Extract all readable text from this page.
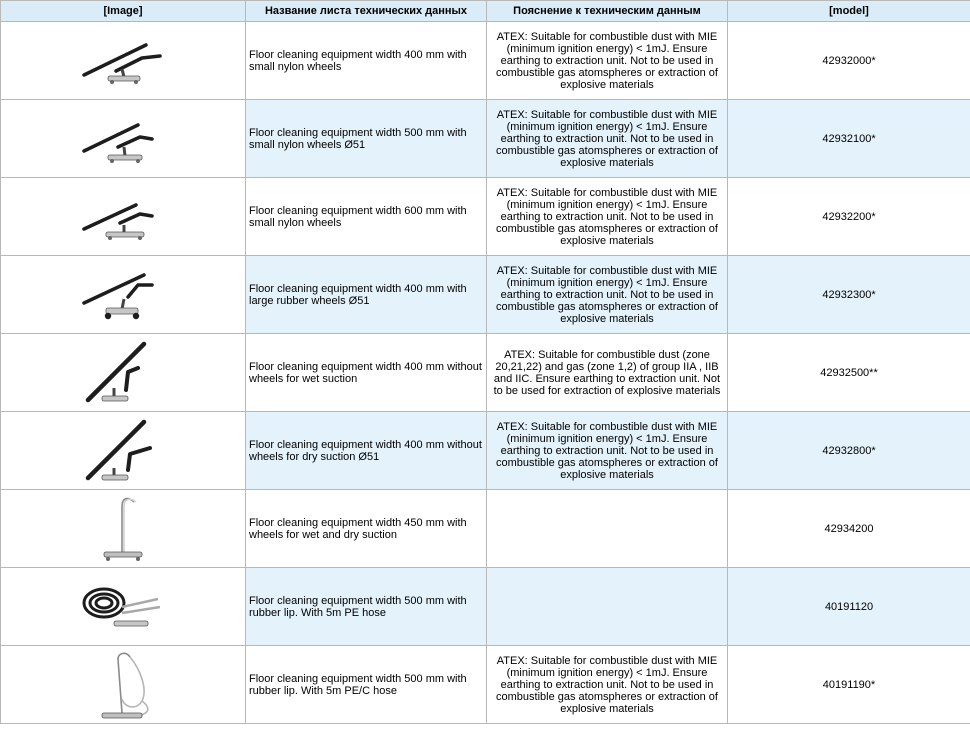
[Image]	Название листа технических данных	Пояснение к техническим данным	[model]

	Floor cleaning equipment width 400 mm with small nylon wheels	ATEX: Suitable for combustible dust with MIE (minimum ignition energy) < 1mJ. Ensure earthing to extraction unit. Not to be used in combustible gas atomspheres or extraction of explosive materials	42932000*

	Floor cleaning equipment width 500 mm with small nylon wheels Ø51	ATEX: Suitable for combustible dust with MIE (minimum ignition energy) < 1mJ. Ensure earthing to extraction unit. Not to be used in combustible gas atomspheres or extraction of explosive materials	42932100*

	Floor cleaning equipment width 600 mm with small nylon wheels	ATEX: Suitable for combustible dust with MIE (minimum ignition energy) < 1mJ. Ensure earthing to extraction unit. Not to be used in combustible gas atomspheres or extraction of explosive materials	42932200*

	Floor cleaning equipment width 400 mm with large rubber wheels Ø51	ATEX: Suitable for combustible dust with MIE (minimum ignition energy) < 1mJ. Ensure earthing to extraction unit. Not to be used in combustible gas atomspheres or extraction of explosive materials	42932300*

	Floor cleaning equipment width 400 mm without wheels for wet suction	ATEX: Suitable for combustible dust (zone 20,21,22) and gas (zone 1,2) of group IIA , IIB and IIC. Ensure earthing to extraction unit. Not to be used for extraction of explosive materials	42932500**

	Floor cleaning equipment width 400 mm without wheels for dry suction Ø51	ATEX: Suitable for combustible dust with MIE (minimum ignition energy) < 1mJ. Ensure earthing to extraction unit. Not to be used in combustible gas atomspheres or extraction of explosive materials	42932800*

	Floor cleaning equipment width 450 mm with wheels for wet and dry suction		42934200

	Floor cleaning equipment width 500 mm with rubber lip. With 5m PE hose		40191120

	Floor cleaning equipment width 500 mm with rubber lip. With 5m PE/C hose	ATEX: Suitable for combustible dust with MIE (minimum ignition energy) < 1mJ. Ensure earthing to extraction unit. Not to be used in combustible gas atomspheres or extraction of explosive materials	40191190*
